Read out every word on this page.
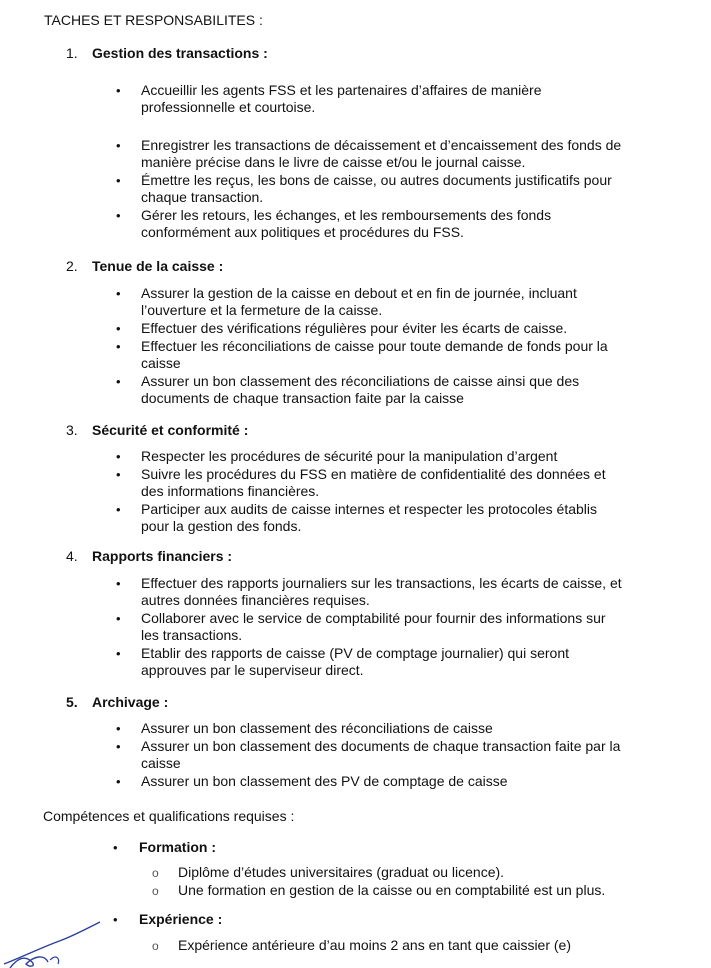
TACHES ET RESPONSABILITES :
1. Gestion des transactions :
• Accueillir les agents FSS et les partenaires d’affaires de manière
professionnelle et courtoise.
• Enregistrer les transactions de décaissement et d’encaissement des fonds de
manière précise dans le livre de caisse et/ou le journal caisse.
• Émettre les reçus, les bons de caisse, ou autres documents justificatifs pour
chaque transaction.
• Gérer les retours, les échanges, et les remboursements des fonds
conformément aux politiques et procédures du FSS.
2. Tenue de la caisse :
• Assurer la gestion de la caisse en debout et en fin de journée, incluant
l’ouverture et la fermeture de la caisse.
• Effectuer des vérifications régulières pour éviter les écarts de caisse.
• Effectuer les réconciliations de caisse pour toute demande de fonds pour la
caisse
• Assurer un bon classement des réconciliations de caisse ainsi que des
documents de chaque transaction faite par la caisse
3. Sécurité et conformité :
• Respecter les procédures de sécurité pour la manipulation d’argent
• Suivre les procédures du FSS en matière de confidentialité des données et
des informations financières.
• Participer aux audits de caisse internes et respecter les protocoles établis
pour la gestion des fonds.
4. Rapports financiers :
• Effectuer des rapports journaliers sur les transactions, les écarts de caisse, et
autres données financières requises.
• Collaborer avec le service de comptabilité pour fournir des informations sur
les transactions.
• Etablir des rapports de caisse (PV de comptage journalier) qui seront
approuves par le superviseur direct.
5. Archivage :
• Assurer un bon classement des réconciliations de caisse
• Assurer un bon classement des documents de chaque transaction faite par la
caisse
• Assurer un bon classement des PV de comptage de caisse
Compétences et qualifications requises :
• Formation :
o Diplôme d’études universitaires (graduat ou licence).
o Une formation en gestion de la caisse ou en comptabilité est un plus.
• Expérience :
o Expérience antérieure d’au moins 2 ans en tant que caissier (e)
